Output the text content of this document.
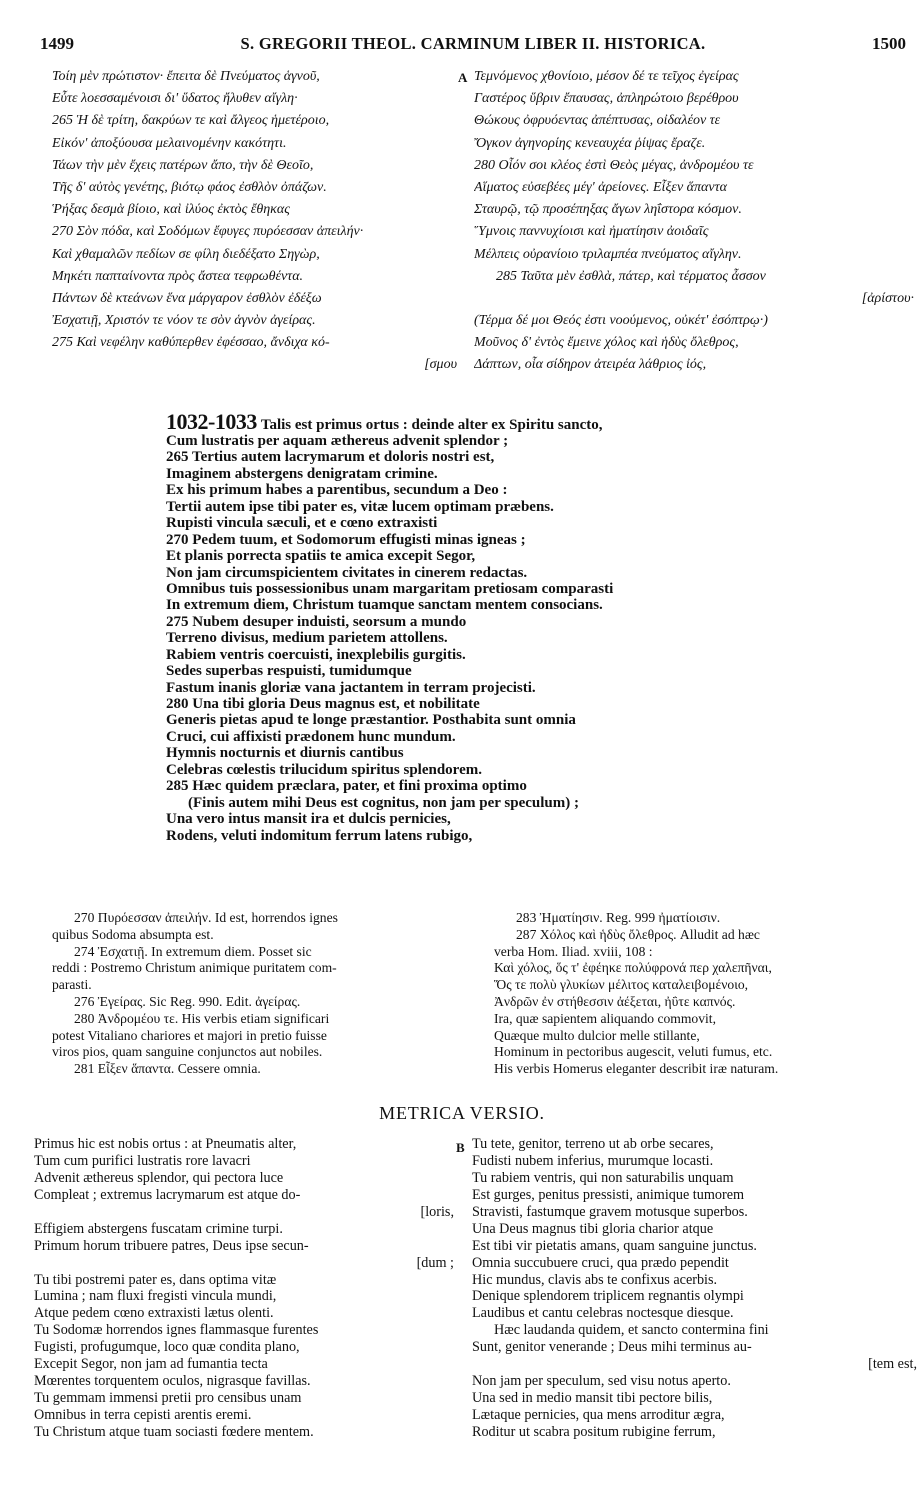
1499	S. GREGORII THEOL. CARMINUM LIBER II. HISTORICA.	1500
Τοίη μὲν πρώτιστον· ἔπειτα δὲ Πνεύματος ἁγνοῦ,
Εὖτε λοεσσαμένοισι δι' ὕδατος ἤλυθεν αἴγλη·
265 Ἡ δὲ τρίτη, δακρύων τε καὶ ἄλγεος ἡμετέροιο,
Εἰκόν' ἀποξύουσα μελαινομένην κακότητι.
Τάων τὴν μὲν ἔχεις πατέρων ἄπο, τὴν δὲ Θεοῖο,
Τῆς δ' αὐτὸς γενέτης, βιότῳ φάος ἐσθλὸν ὀπάζων.
Ῥήξας δεσμὰ βίοιο, καὶ ἰλύος ἐκτὸς ἔθηκας
270 Σὸν πόδα, καὶ Σοδόμων ἔφυγες πυρόεσσαν ἀπειλήν·
Καὶ χθαμαλῶν πεδίων σε φίλη διεδέξατο Σηγὼρ,
Μηκέτι παπταίνοντα πρὸς ἄστεα τεφρωθέντα.
Πάντων δὲ κτεάνων ἕνα μάργαρον ἐσθλὸν ἐδέξω
Ἐσχατιῇ, Χριστόν τε νόον τε σὸν ἁγνὸν ἀγείρας.
275 Καὶ νεφέλην καθύπερθεν ἐφέσσαο, ἄνδιχα κό-
[σμου
A Τεμνόμενος χθονίοιο, μέσον δέ τε τεῖχος ἐγείρας
Γαστέρος ὕβριν ἔπαυσας, ἀπληρώτοιο βερέθρου
Θώκους ὀφρυόεντας ἀπέπτυσας, οἰδαλέον τε
Ὄγκον ἀγηνορίης κενεαυχέα ῥίψας ἔραζε.
280 Οἷόν σοι κλέος ἐστὶ Θεὸς μέγας, ἀνδρομέου τε
Αἵματος εὐσεβέες μέγ' ἀρείονες. Εἶξεν ἅπαντα
Σταυρῷ, τῷ προσέπηξας ἄγων ληΐστορα κόσμον.
Ὕμνοις παννυχίοισι καὶ ἠματίησιν ἀοιδαῖς
Μέλπεις οὐρανίοιο τριλαμπέα πνεύματος αἴγλην.
285 Ταῦτα μὲν ἐσθλὰ, πάτερ, καὶ τέρματος ἆσσον
[ἀρίστου·
(Τέρμα δέ μοι Θεός ἐστι νοούμενος, οὐκέτ' ἐσόπτρῳ·)
Μοῦνος δ' ἐντὸς ἔμεινε χόλος καὶ ἡδὺς ὄλεθρος,
Δάπτων, οἷα σίδηρον ἀτειρέα λάθριος ἰός,
1032-1033 Talis est primus ortus : deinde alter ex Spiritu sancto,
Cum lustratis per aquam æthereus advenit splendor ;
265 Tertius autem lacrymarum et doloris nostri est,
Imaginem abstergens denigratam crimine.
Ex his primum habes a parentibus, secundum a Deo :
Tertii autem ipse tibi pater es, vitæ lucem optimam præbens.
Rupisti vincula sæculi, et e cœno extraxisti
270 Pedem tuum, et Sodomorum effugisti minas igneas ;
Et planis porrecta spatiis te amica excepit Segor,
Non jam circumspicientem civitates in cinerem redactas.
Omnibus tuis possessionibus unam margaritam pretiosam comparasti
In extremum diem, Christum tuamque sanctam mentem consocians.
275 Nubem desuper induisti, seorsum a mundo
Terreno divisus, medium parietem attollens.
Rabiem ventris coercuisti, inexplebilis gurgitis.
Sedes superbas respuisti, tumidumque
Fastum inanis gloriæ vana jactantem in terram projecisti.
280 Una tibi gloria Deus magnus est, et nobilitate
Generis pietas apud te longe præstantior. Posthabita sunt omnia
Cruci, cui affixisti prædonem hunc mundum.
Hymnis nocturnis et diurnis cantibus
Celebras cœlestis trilucidum spiritus splendorem.
285 Hæc quidem præclara, pater, et fini proxima optimo
(Finis autem mihi Deus est cognitus, non jam per speculum) ;
Una vero intus mansit ira et dulcis pernicies,
Rodens, veluti indomitum ferrum latens rubigo,
270 Πυρόεσσαν ἀπειλήν. Id est, horrendos ignes
quibus Sodoma absumpta est.
274 Ἐσχατιῇ. In extremum diem. Posset sic
reddi : Postremo Christum animique puritatem com-
parasti.
276 Ἐγείρας. Sic Reg. 990. Edit. ἀγείρας.
280 Ἀνδρομέου τε. His verbis etiam significari
potest Vitaliano chariores et majori in pretio fuisse
viros pios, quam sanguine conjunctos aut nobiles.
281 Εἶξεν ἅπαντα. Cessere omnia.
283 Ἠματίησιν. Reg. 999 ἠματίοισιν.
287 Χόλος καὶ ἡδὺς ὄλεθρος. Alludit ad hæc
verba Hom. Iliad. xviii, 108 :
Καὶ χόλος, ὅς τ' ἐφέηκε πολύφρονά περ χαλεπῆναι,
Ὅς τε πολὺ γλυκίων μέλιτος καταλειβομένοιο,
Ἀνδρῶν ἐν στήθεσσιν ἀέξεται, ἠΰτε καπνός.
Ira, quæ sapientem aliquando commovit,
Quæque multo dulcior melle stillante,
Hominum in pectoribus augescit, veluti fumus, etc.
His verbis Homerus eleganter describit iræ naturam.
METRICA VERSIO.
Primus hic est nobis ortus : at Pneumatis alter,
Tum cum purifici lustratis rore lavacri
Advenit æthereus splendor, qui pectora luce
Compleat ; extremus lacrymarum est atque do-
[loris,
Effigiem abstergens fuscatam crimine turpi.
Primum horum tribuere patres, Deus ipse secun-
[dum ;
Tu tibi postremi pater es, dans optima vitæ
Lumina ; nam fluxi fregisti vincula mundi,
Atque pedem cœno extraxisti lætus olenti.
Tu Sodomæ horrendos ignes flammasque furentes
Fugisti, profugumque, loco quæ condita plano,
Excepit Segor, non jam ad fumantia tecta
Mœrentes torquentem oculos, nigrasque favillas.
Tu gemmam immensi pretii pro censibus unam
Omnibus in terra cepisti arentis eremi.
Tu Christum atque tuam sociasti fœdere mentem.
B Tu tete, genitor, terreno ut ab orbe secares,
Fudisti nubem inferius, murumque locasti.
Tu rabiem ventris, qui non saturabilis unquam
Est gurges, penitus pressisti, animique tumorem
Stravisti, fastumque gravem motusque superbos.
Una Deus magnus tibi gloria charior atque
Est tibi vir pietatis amans, quam sanguine junctus.
Omnia succubuere cruci, qua prædo pependit
Hic mundus, clavis abs te confixus acerbis.
Denique splendorem triplicem regnantis olympi
Laudibus et cantu celebras noctesque diesque.
Hæc laudanda quidem, et sancto contermina fini
Sunt, genitor venerande ; Deus mihi terminus au-
[tem est,
Non jam per speculum, sed visu notus aperto.
Una sed in medio mansit tibi pectore bilis,
Lætaque pernicies, qua mens arroditur ægra,
Roditur ut scabra positum rubigine ferrum,
